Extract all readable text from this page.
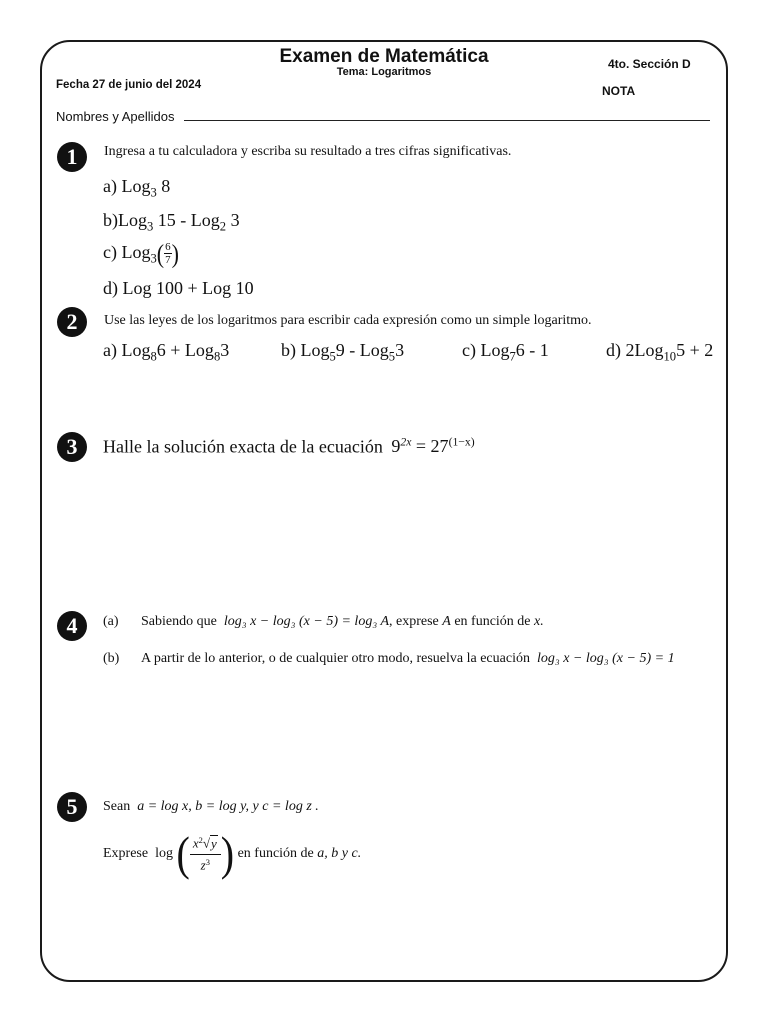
Examen de Matemática
Tema: Logaritmos
Fecha 27 de junio del 2024
4to. Sección D
NOTA
Nombres y Apellidos
1	Ingresa a tu calculadora y escriba su resultado a tres cifras significativas.
a) Log$_3$ 8
b)Log$_3$ 15 - Log$_2$ 3
c) $Log_3( \frac{6}{7}$ )
d) Log 100 + Log 10
2	Use las leyes de los logaritmos para escribir cada expresión como un simple logaritmo.
a) Log$_8$6 + Log$_8$3	b) Log$_5$9 - Log$_5$3	c) Log$_7$6 - 1	d) 2Log$_{10}$5 + 2
3	Halle la solución exacta de la ecuación $9^{2x} = 27^{(1-x)}$
4	(a) Sabiendo que log₃ x − log₃ (x − 5) = log₃ A, exprese A en función de x.
(b) A partir de lo anterior, o de cualquier otro modo, resuelva la ecuación log₃ x − log₃ (x − 5) = 1
5	Sean a = log x, b = log y, y c = log z .
Exprese log ( $\frac{x^2√y}{z^3}$ ) en función de a, b y c.
